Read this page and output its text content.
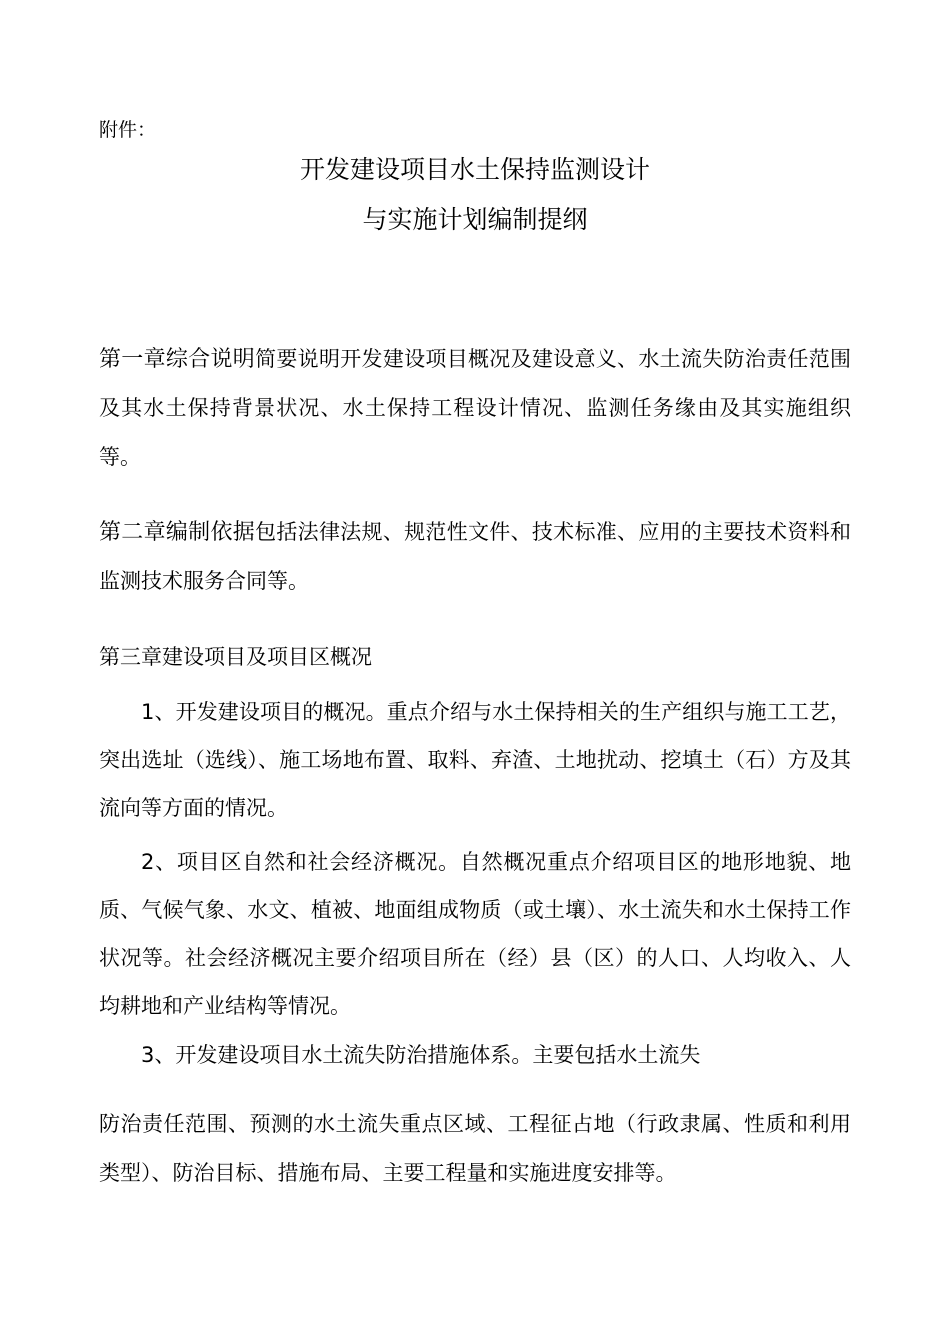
附件：
开发建设项目水土保持监测设计
与实施计划编制提纲

第一章综合说明简要说明开发建设项目概况及建设意义、水土流失防治责任范围及其水土保持背景状况、水土保持工程设计情况、监测任务缘由及其实施组织等。

第二章编制依据包括法律法规、规范性文件、技术标准、应用的主要技术资料和监测技术服务合同等。

第三章建设项目及项目区概况

1、开发建设项目的概况。重点介绍与水土保持相关的生产组织与施工工艺，突出选址（选线）、施工场地布置、取料、弃渣、土地扰动、挖填土（石）方及其流向等方面的情况。

2、项目区自然和社会经济概况。自然概况重点介绍项目区的地形地貌、地质、气候气象、水文、植被、地面组成物质（或土壤）、水土流失和水土保持工作状况等。社会经济概况主要介绍项目所在（经）县（区）的人口、人均收入、人均耕地和产业结构等情况。

3、开发建设项目水土流失防治措施体系。主要包括水土流失

防治责任范围、预测的水土流失重点区域、工程征占地（行政隶属、性质和利用类型）、防治目标、措施布局、主要工程量和实施进度安排等。
